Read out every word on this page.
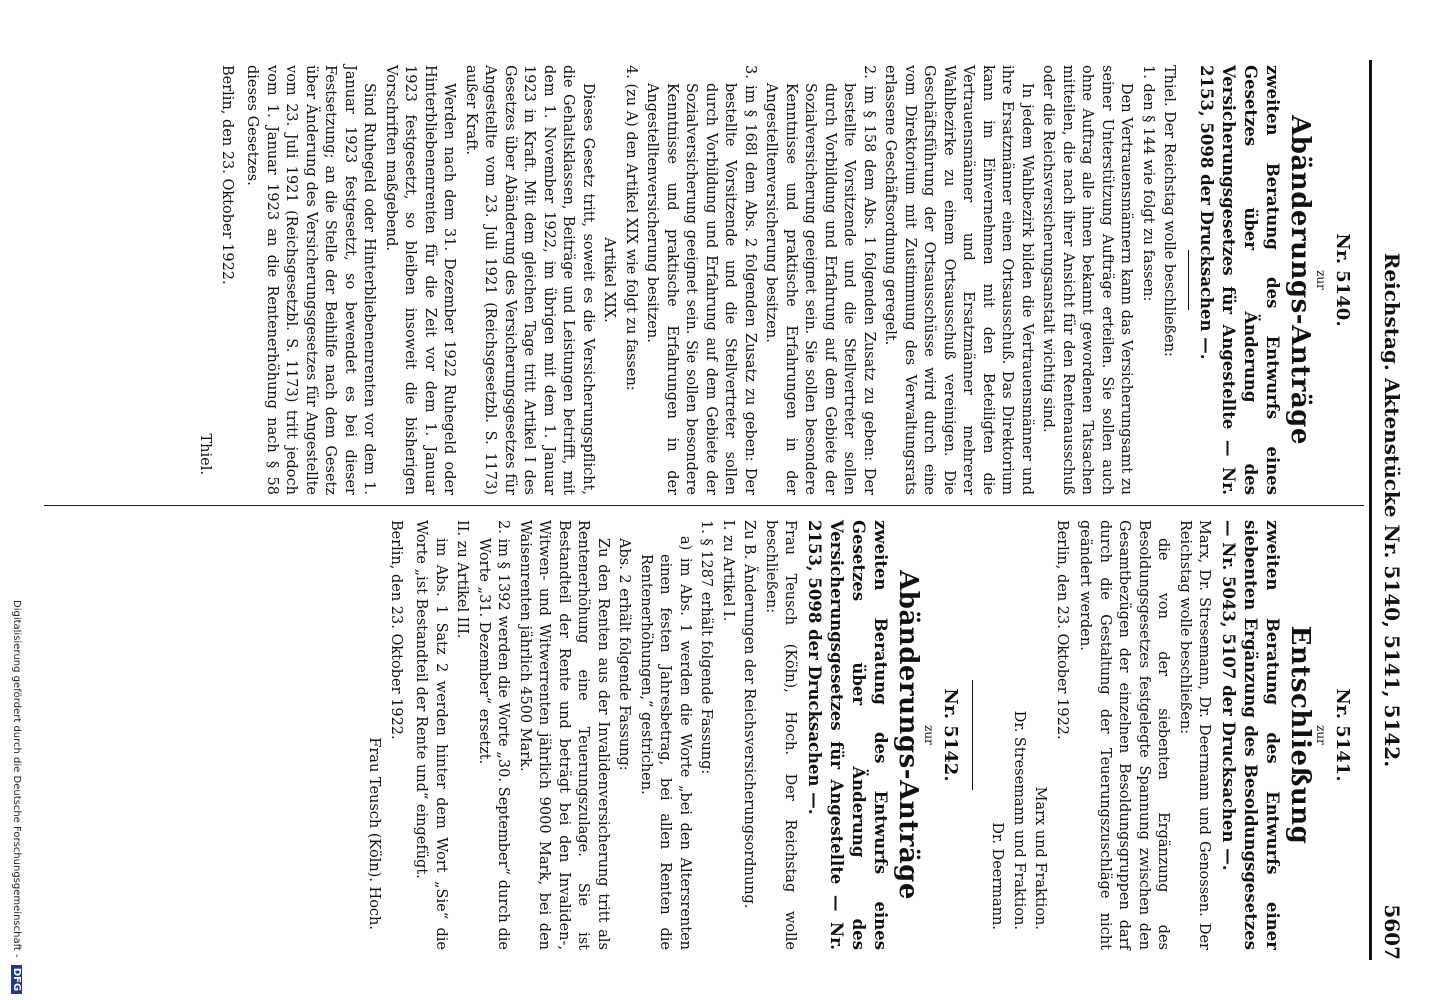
Reichstag. Aktenstücke Nr. 5140, 5141, 5142.
5607
Nr. 5140.
zur
Abänderungs-Anträge

zweiten Beratung des Entwurfs eines Gesetzes über Änderung des Versicherungsgesetzes für Angestellte — Nr. 2153, 5098 der Drucksachen —.

Thiel. Der Reichstag wolle beschließen:

1. den § 144 wie folgt zu fassen:

Den Vertrauensmännern kann das Versicherungsamt zu seiner Unterstützung Aufträge erteilen. Sie sollen auch ohne Auftrag alle ihnen bekannt gewordenen Tatsachen mitteilen, die nach ihrer Ansicht für den Rentenausschuß oder die Reichsversicherungsanstalt wichtig sind.

In jedem Wahlbezirk bilden die Vertrauensmänner und ihre Ersatzmänner einen Ortsausschuß. Das Direktorium kann im Einvernehmen mit den Beteiligten die Vertrauensmänner und Ersatzmänner mehrerer Wahlbezirke zu einem Ortsausschuß vereinigen. Die Geschäftsführung der Ortsausschüsse wird durch eine vom Direktorium mit Zustimmung des Verwaltungsrats erlassene Geschäftsordnung geregelt.

2. im § 158 dem Abs. 1 folgenden Zusatz zu geben: Der bestellte Vorsitzende und die Stellvertreter sollen durch Vorbildung und Erfahrung auf dem Gebiete der Sozialversicherung geeignet sein. Sie sollen besondere Kenntnisse und praktische Erfahrungen in der Angestelltenversicherung besitzen.

3. im § 168l dem Abs. 2 folgenden Zusatz zu geben: Der bestellte Vorsitzende und die Stellvertreter sollen durch Vorbildung und Erfahrung auf dem Gebiete der Sozialversicherung geeignet sein. Sie sollen besondere Kenntnisse und praktische Erfahrungen in der Angestelltenversicherung besitzen.

4. (zu A) den Artikel XIX wie folgt zu fassen:

Artikel XIX.

Dieses Gesetz tritt, soweit es die Versicherungspflicht, die Gehaltsklassen, Beiträge und Leistungen betrifft, mit dem 1. November 1922, im übrigen mit dem 1. Januar 1923 in Kraft. Mit dem gleichen Tage tritt Artikel I des Gesetzes über Abänderung des Versicherungsgesetzes für Angestellte vom 23. Juli 1921 (Reichsgesetzbl. S. 1173) außer Kraft.

Werden nach dem 31. Dezember 1922 Ruhegeld oder Hinterbliebenenrenten für die Zeit vor dem 1. Januar 1923 festgesetzt, so bleiben insoweit die bisherigen Vorschriften maßgebend.

Sind Ruhegeld oder Hinterbliebenenrenten vor dem 1. Januar 1923 festgesetzt, so bewendet es bei dieser Festsetzung; an die Stelle der Beihilfe nach dem Gesetz über Änderung des Versicherungsgesetzes für Angestellte vom 23. Juli 1921 (Reichsgesetzbl. S. 1173) tritt jedoch vom 1. Januar 1923 an die Rentenerhöhung nach § 58 dieses Gesetzes.

Berlin, den 23. Oktober 1922.

Thiel.

Nr. 5141.
zur
Entschließung

zweiten Beratung des Entwurfs einer siebenten Ergänzung des Besoldungsgesetzes — Nr. 5043, 5107 der Drucksachen —.

Marx, Dr. Stresemann, Dr. Deermann und Genossen. Der Reichstag wolle beschließen:

die von der siebenten Ergänzung des Besoldungsgesetzes festgelegte Spannung zwischen den Gesamtbezügen der einzelnen Besoldungsgruppen darf durch die Gestaltung der Teuerungszuschläge nicht geändert werden.

Berlin, den 23. Oktober 1922.

Marx und Fraktion.

Dr. Stresemann und Fraktion.

Dr. Deermann.

Nr. 5142.
zur
Abänderungs-Anträge

zweiten Beratung des Entwurfs eines Gesetzes über Änderung des Versicherungsgesetzes für Angestellte — Nr. 2153, 5098 der Drucksachen —.

Frau Teusch (Köln), Hoch. Der Reichstag wolle beschließen:

Zu B. Änderungen der Reichsversicherungsordnung.

I. zu Artikel I.

1. § 1287 erhält folgende Fassung:

a) im Abs. 1 werden die Worte „bei den Altersrenten einen festen Jahresbetrag, bei allen Renten die Rentenerhöhungen,“ gestrichen.

Abs. 2 erhält folgende Fassung:

Zu den Renten aus der Invalidenversicherung tritt als Rentenerhöhung eine Teuerungszulage. Sie ist Bestandteil der Rente und beträgt bei den Invaliden-, Witwen- und Witwerrenten jährlich 9000 Mark, bei den Waisenrenten jährlich 4500 Mark.

2. im § 1392 werden die Worte „30. September“ durch die Worte „31. Dezember“ ersetzt.

II. zu Artikel III.

im Abs. 1 Satz 2 werden hinter dem Wort „Sie“ die Worte „ist Bestandteil der Rente und“ eingefügt.

Berlin, den 23. Oktober 1922.

Frau Teusch (Köln). Hoch.

Digitalisierung gefördert durch die Deutsche Forschungsgemeinschaft - DFG
